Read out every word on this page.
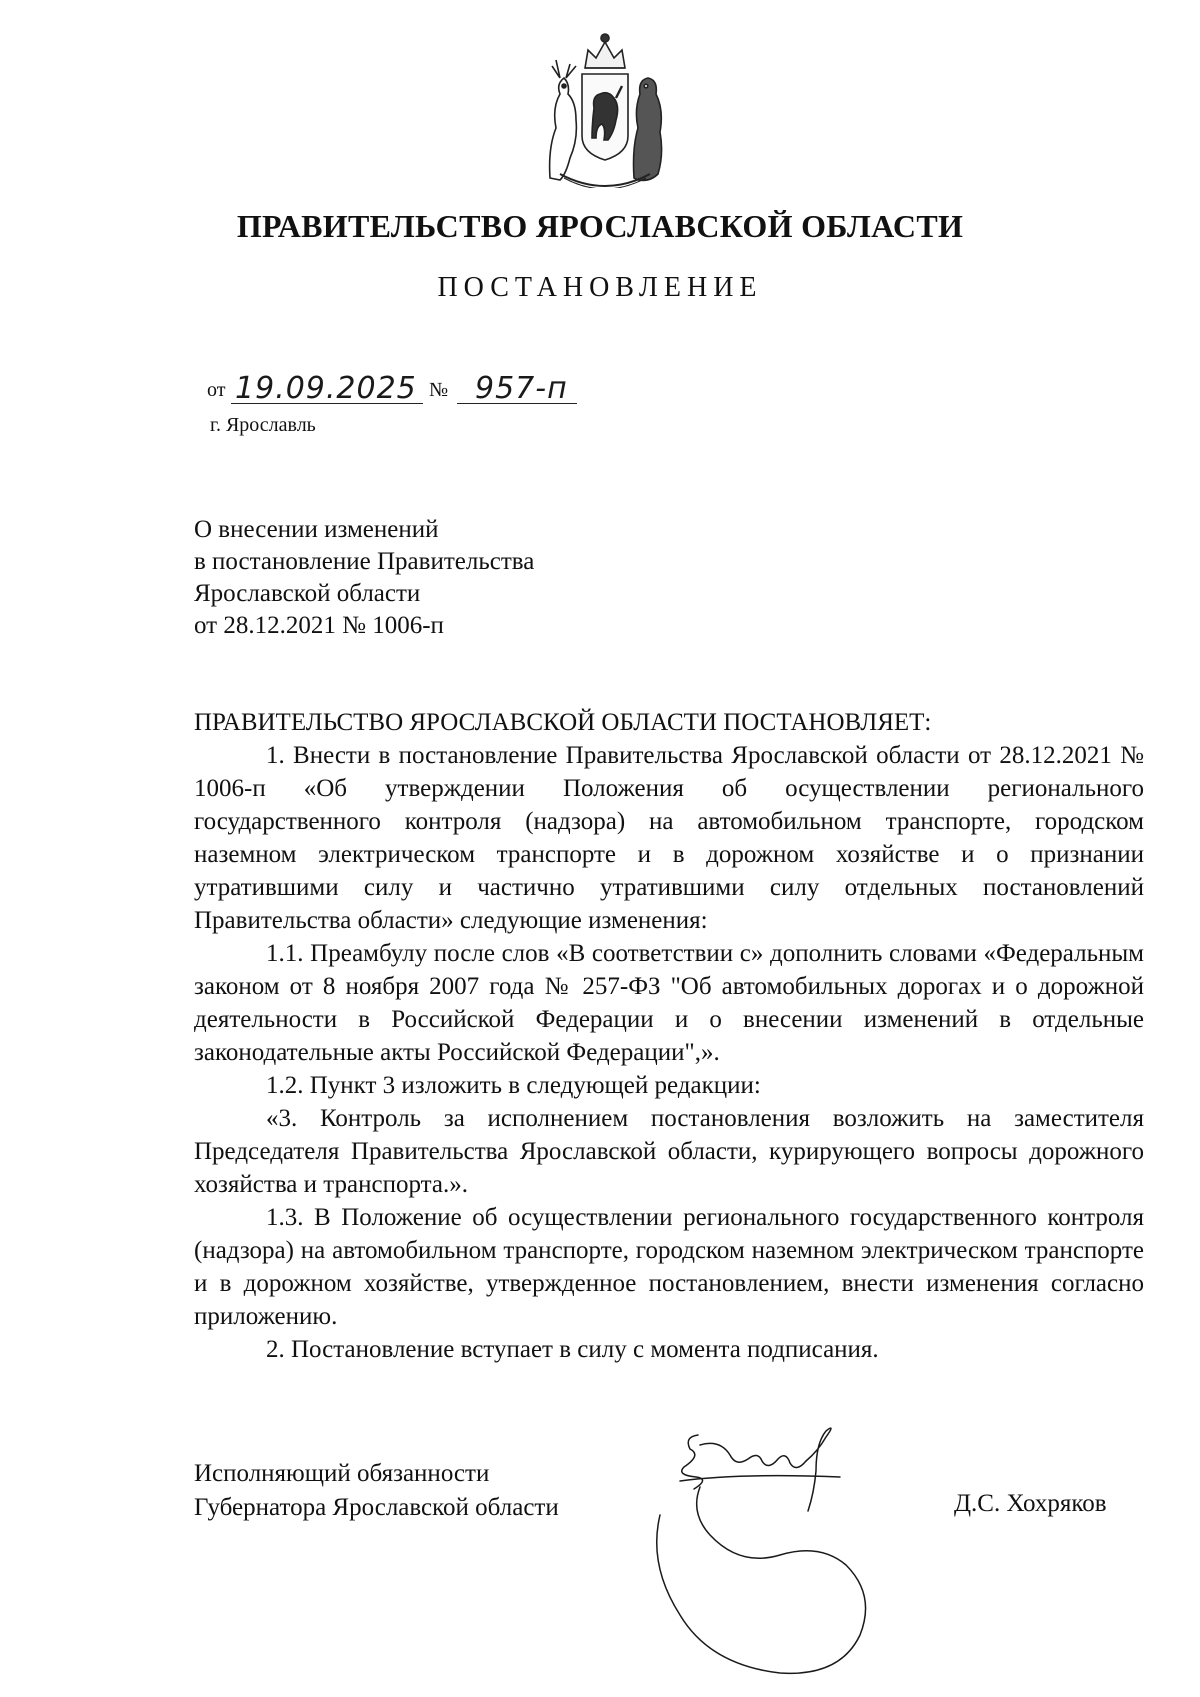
ПРАВИТЕЛЬСТВО ЯРОСЛАВСКОЙ ОБЛАСТИ
ПОСТАНОВЛЕНИЕ
от 19.09.2025 № 957-п
г. Ярославль
О внесении изменений
в постановление Правительства
Ярославской области
от 28.12.2021 № 1006-п
ПРАВИТЕЛЬСТВО ЯРОСЛАВСКОЙ ОБЛАСТИ ПОСТАНОВЛЯЕТ:

1. Внести в постановление Правительства Ярославской области от 28.12.2021 № 1006-п «Об утверждении Положения об осуществлении регионального государственного контроля (надзора) на автомобильном транспорте, городском наземном электрическом транспорте и в дорожном хозяйстве и о признании утратившими силу и частично утратившими силу отдельных постановлений Правительства области» следующие изменения:

1.1. Преамбулу после слов «В соответствии с» дополнить словами «Федеральным законом от 8 ноября 2007 года № 257-ФЗ "Об автомобильных дорогах и о дорожной деятельности в Российской Федерации и о внесении изменений в отдельные законодательные акты Российской Федерации",».

1.2. Пункт 3 изложить в следующей редакции:

«3. Контроль за исполнением постановления возложить на заместителя Председателя Правительства Ярославской области, курирующего вопросы дорожного хозяйства и транспорта.».

1.3. В Положение об осуществлении регионального государственного контроля (надзора) на автомобильном транспорте, городском наземном электрическом транспорте и в дорожном хозяйстве, утвержденное постановлением, внести изменения согласно приложению.

2. Постановление вступает в силу с момента подписания.

Исполняющий обязанности
Губернатора Ярославской области	Д.С. Хохряков
